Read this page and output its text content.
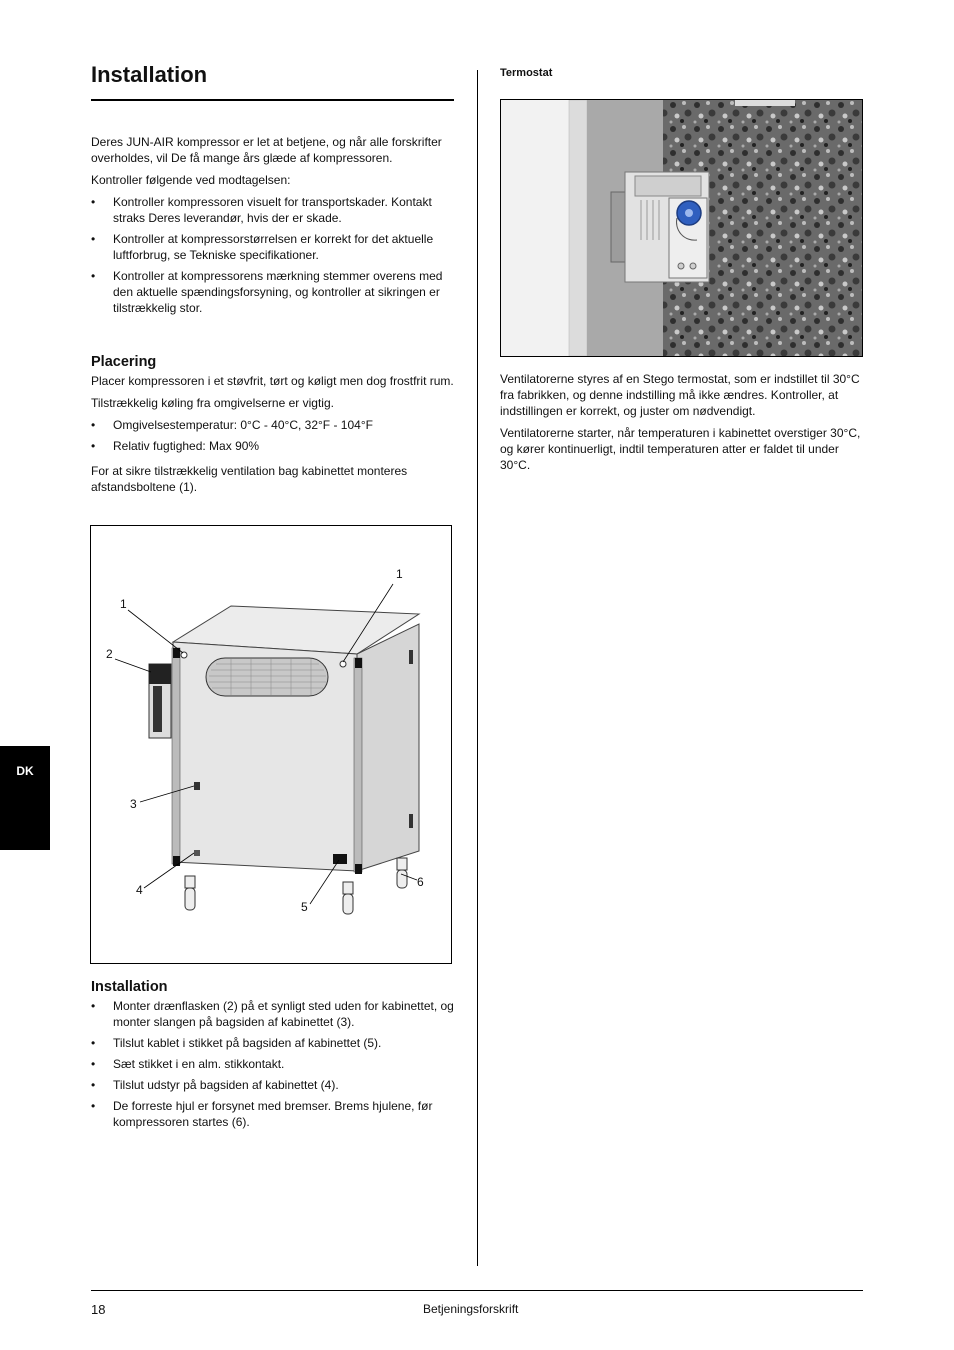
Installation

Deres JUN-AIR kompressor er let at betjene, og når alle forskrifter overholdes, vil De få mange års glæde af kompressoren.

Kontroller følgende ved modtagelsen:

• Kontroller kompressoren visuelt for transportskader. Kontakt straks Deres leverandør, hvis der er skade.
• Kontroller at kompressorstørrelsen er korrekt for det aktuelle luftforbrug, se Tekniske specifikationer.
• Kontroller at kompressorens mærkning stemmer overens med den aktuelle spændingsforsyning, og kontroller at sikringen er tilstrækkelig stor.
Placering

Placer kompressoren i et støvfrit, tørt og køligt men dog frostfrit rum.

Tilstrækkelig køling fra omgivelserne er vigtig.

• Omgivelsestemperatur: 0°C - 40°C, 32°F - 104°F
• Relativ fugtighed: Max 90%

For at sikre tilstrækkelig ventilation bag kabinettet monteres afstandsboltene (1).

1
1
2
3
4
5
6
Installation
• Monter drænflasken (2) på et synligt sted uden for kabinettet, og monter slangen på bagsiden af kabinettet (3).
• Tilslut kablet i stikket på bagsiden af kabinettet (5).
• Sæt stikket i en alm. stikkontakt.
• Tilslut udstyr på bagsiden af kabinettet (4).
• De forreste hjul er forsynet med bremser. Brems hjulene, før kompressoren startes (6).
Termostat

Ventilatorerne styres af en Stego termostat, som er indstillet til 30°C fra fabrikken, og denne indstilling må ikke ændres. Kontroller, at indstillingen er korrekt, og juster om nødvendigt.

Ventilatorerne starter, når temperaturen i kabinettet overstiger 30°C, og kører kontinuerligt, indtil temperaturen atter er faldet til under 30°C.

DK
18	Betjeningsforskrift
